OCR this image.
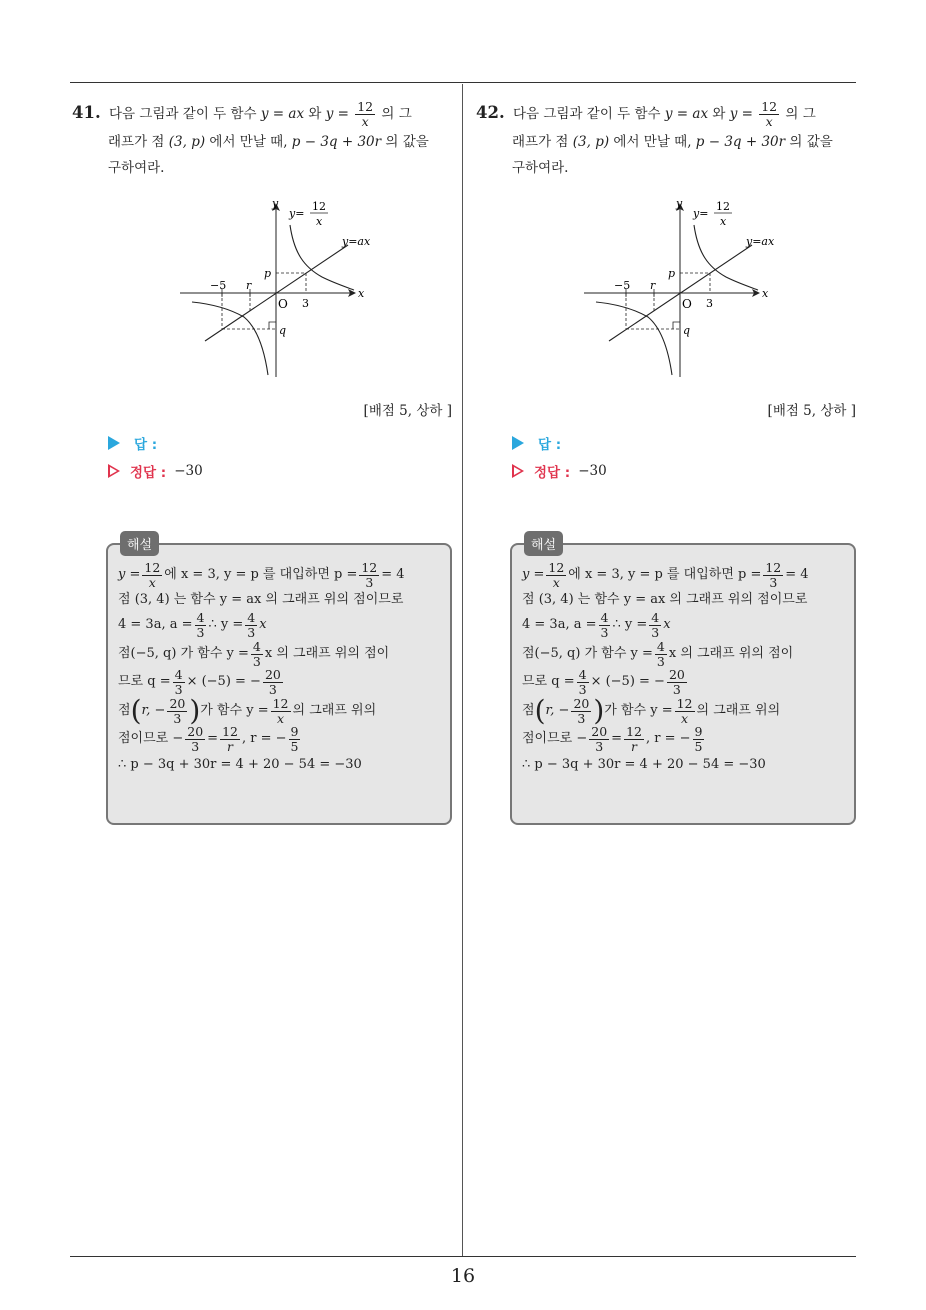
16

41. 다음 그림과 같이 두 함수 y = ax 와 $y = \frac{12}{x}$ 의 그

래프가 점 (3, p) 에서 만날 때, p − 3q + 30r 의 값을

구하여라.

y
x
O
y=
12
x
y=ax
−5 r
p
3
q
[배점 5, 상하 ]
답 :
정답 : −30
해설
$y = \frac{12}{x}$ 에 x = 3, y = p 를 대입하면 $p = \frac{12}{3} = 4$
점 (3, 4) 는 함수 y = ax 의 그래프 위의 점이므로
4 = 3a, $a = \frac{4}{3}$ ∴ $y = \frac{4}{3}$ x
점(−5, q) 가 함수 $y = \frac{4}{3}$ x 의 그래프 위의 점이
므로 $q = \frac{4}{3} \times (-5)$ = − $\frac{20}{3}$
점 ( r, − $\frac{20}{3}$ ) 가 함수 $y = \frac{12}{x}$ 의 그래프 위의
점이므로 − $\frac{20}{3} = \frac{12}{r}$ , r = − $\frac{9}{5}$
∴ p − 3q + 30r = 4 + 20 − 54 = −30

42. 다음 그림과 같이 두 함수 y = ax 와 $y = \frac{12}{x}$ 의 그

래프가 점 (3, p) 에서 만날 때, p − 3q + 30r 의 값을

구하여라.

y
x
O
y=
12
x
y=ax
−5 r
p
3
q
[배점 5, 상하 ]
답 :
정답 : −30
해설
$y = \frac{12}{x}$ 에 x = 3, y = p 를 대입하면 $p = \frac{12}{3} = 4$
점 (3, 4) 는 함수 y = ax 의 그래프 위의 점이므로
4 = 3a, $a = \frac{4}{3}$ ∴ $y = \frac{4}{3}$ x
점(−5, q) 가 함수 $y = \frac{4}{3}$ x 의 그래프 위의 점이
므로 $q = \frac{4}{3} \times (-5)$ = − $\frac{20}{3}$
점 ( r, − $\frac{20}{3}$ ) 가 함수 $y = \frac{12}{x}$ 의 그래프 위의
점이므로 − $\frac{20}{3} = \frac{12}{r}$ , r = − $\frac{9}{5}$
∴ p − 3q + 30r = 4 + 20 − 54 = −30
